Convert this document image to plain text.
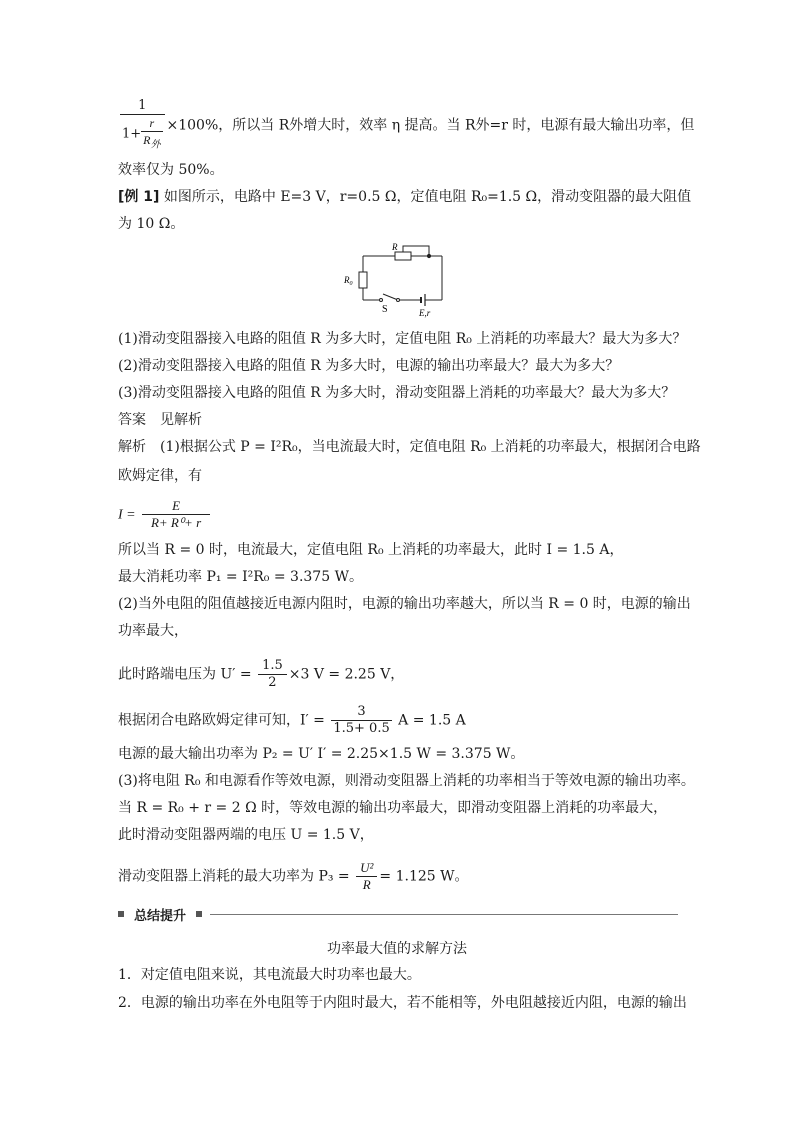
$\frac{1}{1+ \frac{r}{R_外}} \times 100\%$，所以当 R外增大时，效率 η 提高。当 R外=r 时，电源有最大输出功率，但
效率仅为 50%。
[例 1] 如图所示，电路中 E=3 V，r=0.5 Ω，定值电阻 R₀=1.5 Ω，滑动变阻器的最大阻值
为 10 Ω。
R
$R_0$
S	E,r
(1)滑动变阻器接入电路的阻值 R 为多大时，定值电阻 R₀ 上消耗的功率最大？最大为多大？
(2)滑动变阻器接入电路的阻值 R 为多大时，电源的输出功率最大？最大为多大？
(3)滑动变阻器接入电路的阻值 R 为多大时，滑动变阻器上消耗的功率最大？最大为多大？
答案　见解析
解析　(1)根据公式 P = I²R₀，当电流最大时，定值电阻 R₀ 上消耗的功率最大，根据闭合电路
欧姆定律，有
$I = \frac{E}{\text{R+ R⁰+ r}}$
所以当 R = 0 时，电流最大，定值电阻 R₀ 上消耗的功率最大，此时 I = 1.5 A，
最大消耗功率 P₁ = I²R₀ = 3.375 W。
(2)当外电阻的阻值越接近电源内阻时，电源的输出功率越大，所以当 R = 0 时，电源的输出
功率最大，
此时路端电压为 $U' = \frac{1.5}{2} \times 3$ V = 2.25 V，
根据闭合电路欧姆定律可知，$I' = \frac{3}{1.5+ 0.5}$ A = 1.5 A
电源的最大输出功率为 P₂ = U′ I′ = 2.25×1.5 W = 3.375 W。
(3)将电阻 R₀ 和电源看作等效电源，则滑动变阻器上消耗的功率相当于等效电源的输出功率。
当 R = R₀ + r = 2 Ω 时，等效电源的输出功率最大，即滑动变阻器上消耗的功率最大，
此时滑动变阻器两端的电压 U = 1.5 V，
滑动变阻器上消耗的最大功率为 $P_3 = \frac{\text{U²}}{R} = 1.125$ W。
总结提升
功率最大值的求解方法
1．对定值电阻来说，其电流最大时功率也最大。
2．电源的输出功率在外电阻等于内阻时最大，若不能相等，外电阻越接近内阻，电源的输出
